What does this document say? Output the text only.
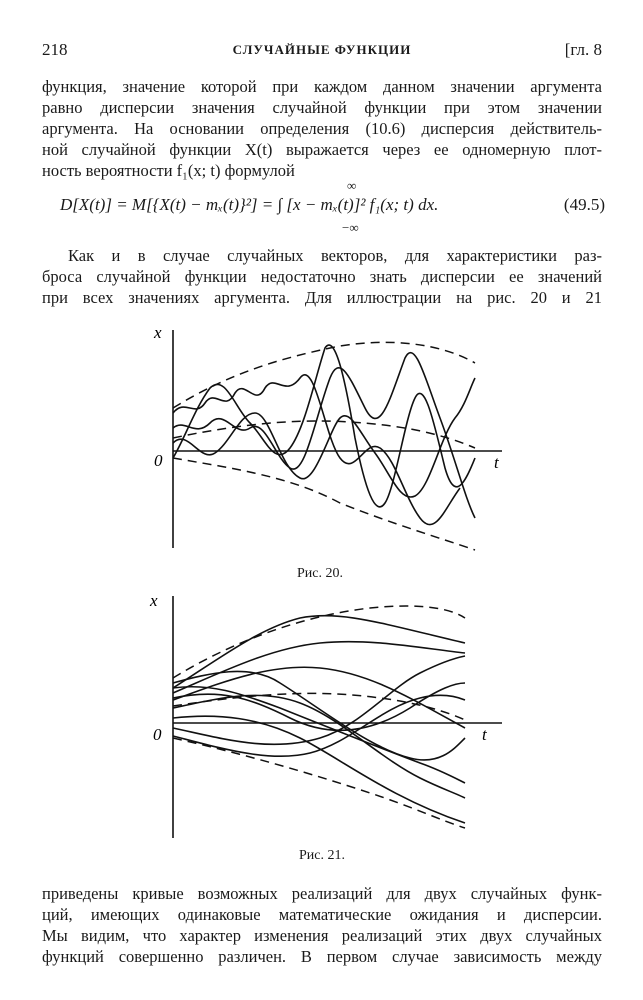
218	СЛУЧАЙНЫЕ ФУНКЦИИ	[гл. 8
функция, значение которой при каждом данном значении аргумента
равно дисперсии значения случайной функции при этом значении
аргумента. На основании определения (10.6) дисперсия действитель-
ной случайной функции X(t) выражается через ее одномерную плот-
ность вероятности f₁(x; t) формулой
∞
D[X(t)] = M[{X(t) − mₓ(t)}²] = ∫ [x − mₓ(t)]² f₁(x; t) dx.
−∞
(49.5)
Как и в случае случайных векторов, для характеристики раз-
броса случайной функции недостаточно знать дисперсии ее значений
при всех значениях аргумента. Для иллюстрации на рис. 20 и 21
x
t
0
Рис. 20.
x
t
0
Рис. 21.
приведены кривые возможных реализаций для двух случайных функ-
ций, имеющих одинаковые математические ожидания и дисперсии.
Мы видим, что характер изменения реализаций этих двух случайных
функций совершенно различен. В первом случае зависимость между
